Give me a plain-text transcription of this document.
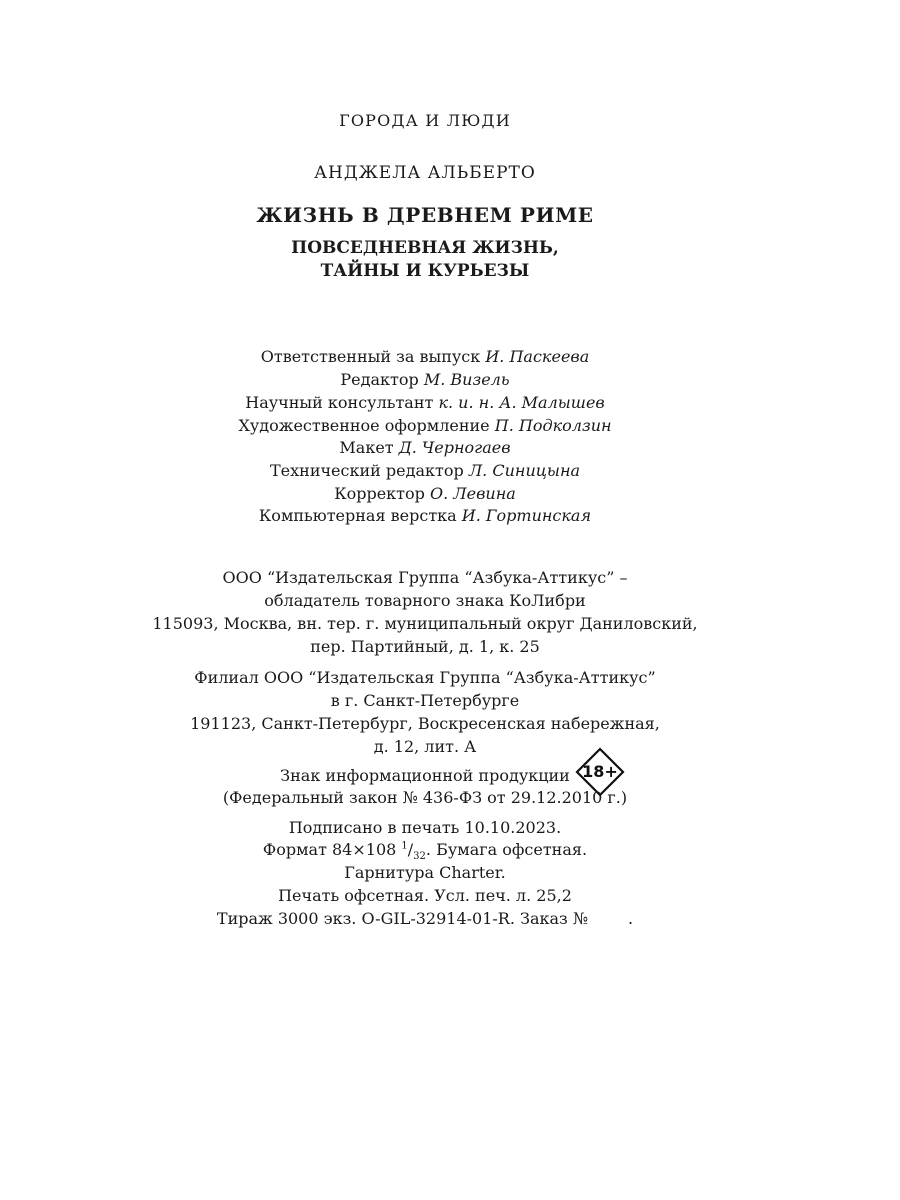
ГОРОДА И ЛЮДИ
АНДЖЕЛА АЛЬБЕРТО
ЖИЗНЬ В ДРЕВНЕМ РИМЕ
ПОВСЕДНЕВНАЯ ЖИЗНЬ,
ТАЙНЫ И КУРЬЕЗЫ
Ответственный за выпуск И. Паскеева
Редактор М. Визель
Научный консультант к. и. н. А. Малышев
Художественное оформление П. Подколзин
Макет Д. Черногаев
Технический редактор Л. Синицына
Корректор О. Левина
Компьютерная верстка И. Гортинская
ООО “Издательская Группа “Азбука-Аттикус” –
обладатель товарного знака КоЛибри
115093, Москва, вн. тер. г. муниципальный округ Даниловский,
пер. Партийный, д. 1, к. 25
Филиал ООО “Издательская Группа “Азбука-Аттикус”
в г. Санкт-Петербурге
191123, Санкт-Петербург, Воскресенская набережная,
д. 12, лит. А
Знак информационной продукции
(Федеральный закон № 436-ФЗ от 29.12.2010 г.)
18+
Подписано в печать 10.10.2023.
Формат 84×108 $^1/_{32}$. Бумага офсетная.
Гарнитура Charter.
Печать офсетная. Усл. печ. л. 25,2
Тираж 3000 экз. O-GIL-32914-01-R. Заказ №	.
